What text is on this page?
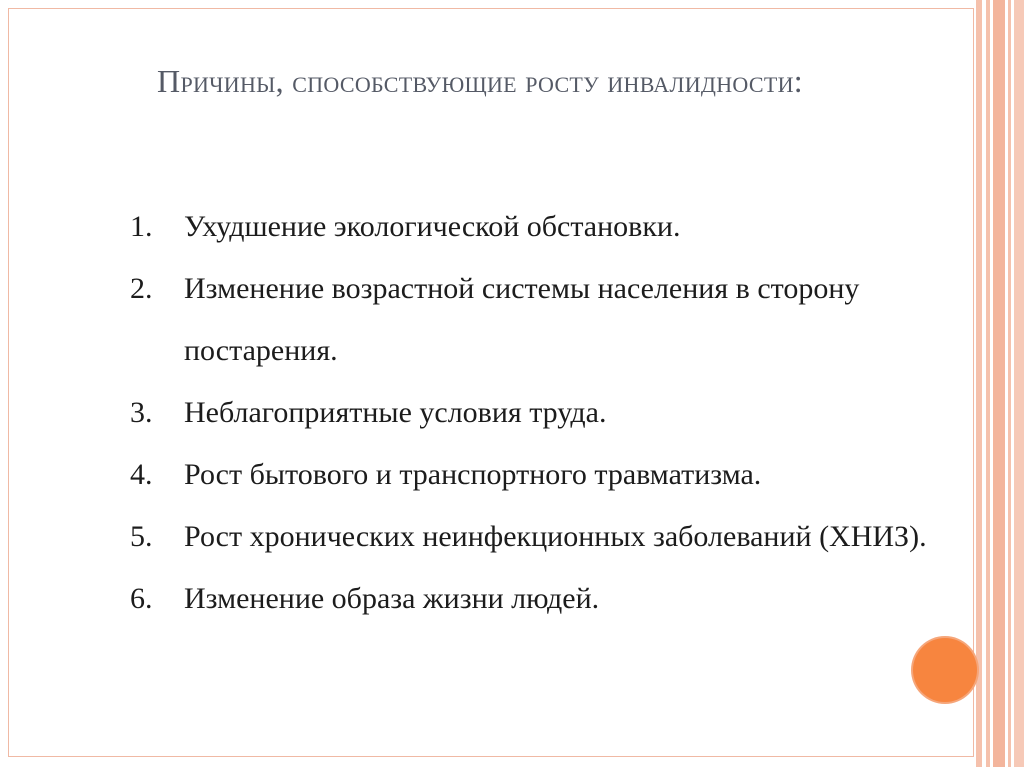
Причины, способствующие росту инвалидности:
1.	Ухудшение экологической обстановки.
2.	Изменение возрастной системы населения в сторону постарения.
3.	Неблагоприятные условия труда.
4.	Рост бытового и транспортного травматизма.
5.	Рост хронических неинфекционных заболеваний (ХНИЗ).
6.	Изменение образа жизни людей.
